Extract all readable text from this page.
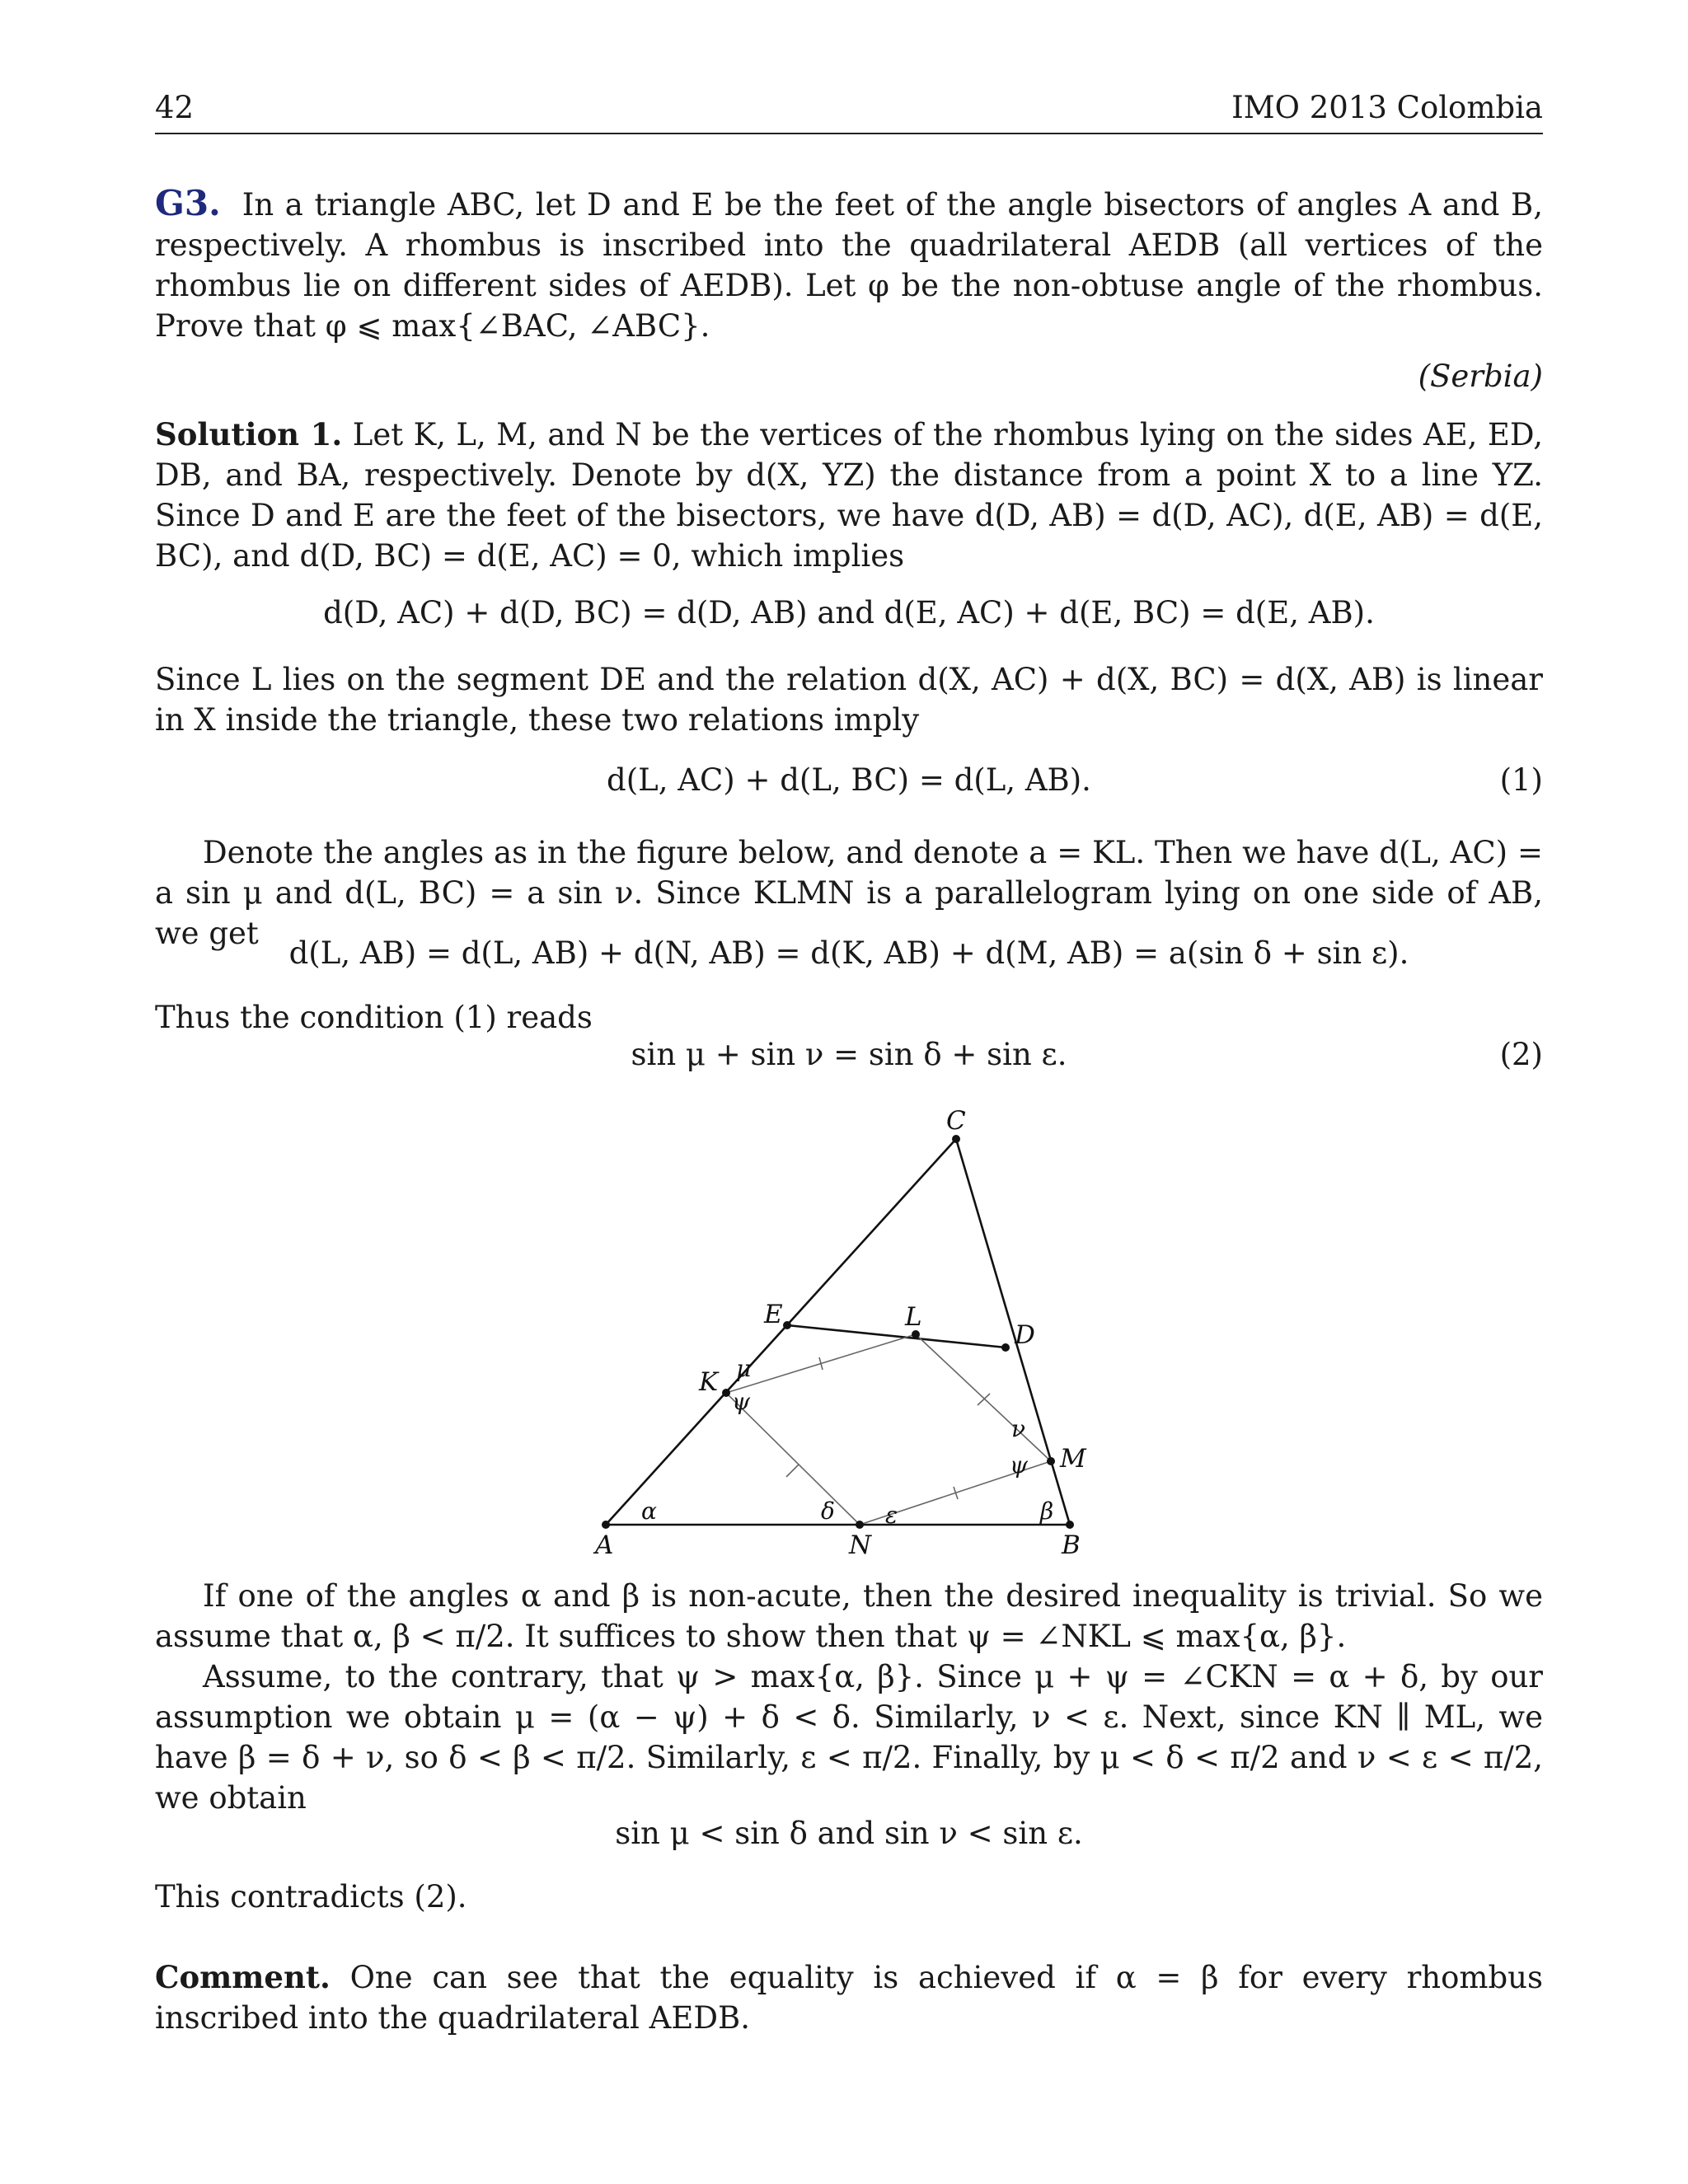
42	IMO 2013 Colombia
G3. In a triangle ABC, let D and E be the feet of the angle bisectors of angles A and B, respectively. A rhombus is inscribed into the quadrilateral AEDB (all vertices of the rhombus lie on different sides of AEDB). Let φ be the non-obtuse angle of the rhombus. Prove that φ ⩽ max{∠BAC, ∠ABC}.
(Serbia)
Solution 1. Let K, L, M, and N be the vertices of the rhombus lying on the sides AE, ED, DB, and BA, respectively. Denote by d(X, YZ) the distance from a point X to a line YZ. Since D and E are the feet of the bisectors, we have d(D, AB) = d(D, AC), d(E, AB) = d(E, BC), and d(D, BC) = d(E, AC) = 0, which implies
d(D, AC) + d(D, BC) = d(D, AB) and d(E, AC) + d(E, BC) = d(E, AB).
Since L lies on the segment DE and the relation d(X, AC) + d(X, BC) = d(X, AB) is linear in X inside the triangle, these two relations imply
d(L, AC) + d(L, BC) = d(L, AB).	(1)
Denote the angles as in the figure below, and denote a = KL. Then we have d(L, AC) = a sin μ and d(L, BC) = a sin ν. Since KLMN is a parallelogram lying on one side of AB, we get
d(L, AB) = d(L, AB) + d(N, AB) = d(K, AB) + d(M, AB) = a(sin δ + sin ε).
Thus the condition (1) reads
sin μ + sin ν = sin δ + sin ε.	(2)
A	B
C
D
E
K
L
M
N
α	β
δ ε
μ
ν
ψ
ψ
If one of the angles α and β is non-acute, then the desired inequality is trivial. So we assume that α, β < π/2. It suffices to show then that ψ = ∠NKL ⩽ max{α, β}.
Assume, to the contrary, that ψ > max{α, β}. Since μ + ψ = ∠CKN = α + δ, by our assumption we obtain μ = (α − ψ) + δ < δ. Similarly, ν < ε. Next, since KN ∥ ML, we have β = δ + ν, so δ < β < π/2. Similarly, ε < π/2. Finally, by μ < δ < π/2 and ν < ε < π/2, we obtain
sin μ < sin δ and sin ν < sin ε.
This contradicts (2).
Comment. One can see that the equality is achieved if α = β for every rhombus inscribed into the quadrilateral AEDB.
